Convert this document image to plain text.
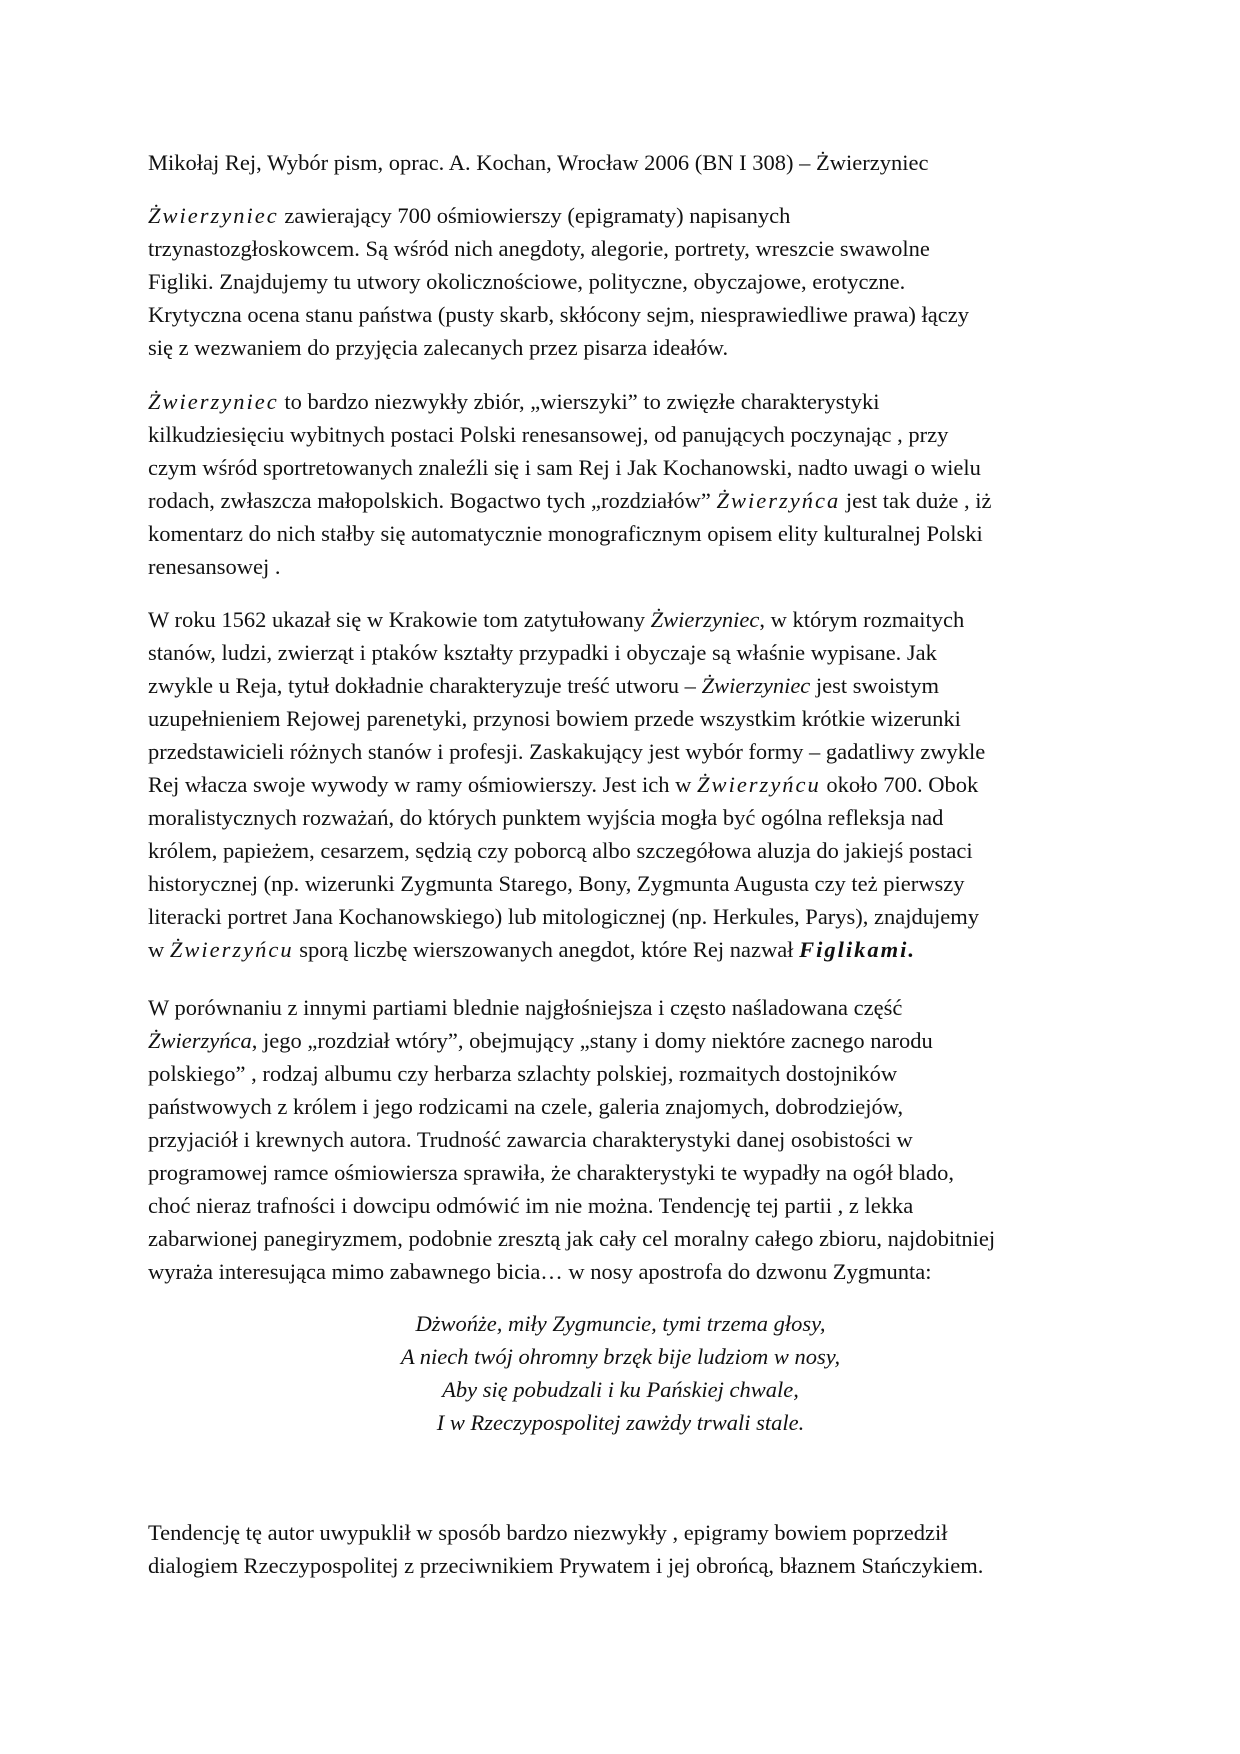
Mikołaj Rej, Wybór pism, oprac. A. Kochan, Wrocław 2006 (BN I 308) – Żwierzyniec

Żwierzyniec zawierający 700 ośmiowierszy (epigramaty) napisanych
trzynastozgłoskowcem. Są wśród nich anegdoty, alegorie, portrety, wreszcie swawolne
Figliki. Znajdujemy tu utwory okolicznościowe, polityczne, obyczajowe, erotyczne.
Krytyczna ocena stanu państwa (pusty skarb, skłócony sejm, niesprawiedliwe prawa) łączy
się z wezwaniem do przyjęcia zalecanych przez pisarza ideałów.

Żwierzyniec to bardzo niezwykły zbiór, „wierszyki” to zwięzłe charakterystyki
kilkudziesięciu wybitnych postaci Polski renesansowej, od panujących poczynając , przy
czym wśród sportretowanych znaleźli się i sam Rej i Jak Kochanowski, nadto uwagi o wielu
rodach, zwłaszcza małopolskich. Bogactwo tych „rozdziałów” Żwierzyńca jest tak duże , iż
komentarz do nich stałby się automatycznie monograficznym opisem elity kulturalnej Polski
renesansowej .

W roku 1562 ukazał się w Krakowie tom zatytułowany Żwierzyniec, w którym rozmaitych
stanów, ludzi, zwierząt i ptaków kształty przypadki i obyczaje są właśnie wypisane. Jak
zwykle u Reja, tytuł dokładnie charakteryzuje treść utworu – Żwierzyniec jest swoistym
uzupełnieniem Rejowej parenetyki, przynosi bowiem przede wszystkim krótkie wizerunki
przedstawicieli różnych stanów i profesji. Zaskakujący jest wybór formy – gadatliwy zwykle
Rej włacza swoje wywody w ramy ośmiowierszy. Jest ich w Żwierzyńcu około 700. Obok
moralistycznych rozważań, do których punktem wyjścia mogła być ogólna refleksja nad
królem, papieżem, cesarzem, sędzią czy poborcą albo szczegółowa aluzja do jakiejś postaci
historycznej (np. wizerunki Zygmunta Starego, Bony, Zygmunta Augusta czy też pierwszy
literacki portret Jana Kochanowskiego) lub mitologicznej (np. Herkules, Parys), znajdujemy
w Żwierzyńcu sporą liczbę wierszowanych anegdot, które Rej nazwał Figlikami.

W porównaniu z innymi partiami blednie najgłośniejsza i często naśladowana część
Żwierzyńca, jego „rozdział wtóry”, obejmujący „stany i domy niektóre zacnego narodu
polskiego” , rodzaj albumu czy herbarza szlachty polskiej, rozmaitych dostojników
państwowych z królem i jego rodzicami na czele, galeria znajomych, dobrodziejów,
przyjaciół i krewnych autora. Trudność zawarcia charakterystyki danej osobistości w
programowej ramce ośmiowiersza sprawiła, że charakterystyki te wypadły na ogół blado,
choć nieraz trafności i dowcipu odmówić im nie można. Tendencję tej partii , z lekka
zabarwionej panegiryzmem, podobnie zresztą jak cały cel moralny całego zbioru, najdobitniej
wyraża interesująca mimo zabawnego bicia… w nosy apostrofa do dzwonu Zygmunta:

Dżwońże, miły Zygmuncie, tymi trzema głosy,
A niech twój ohromny brzęk bije ludziom w nosy,
Aby się pobudzali i ku Pańskiej chwale,
I w Rzeczypospolitej zawżdy trwali stale.

Tendencję tę autor uwypuklił w sposób bardzo niezwykły , epigramy bowiem poprzedził
dialogiem Rzeczypospolitej z przeciwnikiem Prywatem i jej obrońcą, błaznem Stańczykiem.
